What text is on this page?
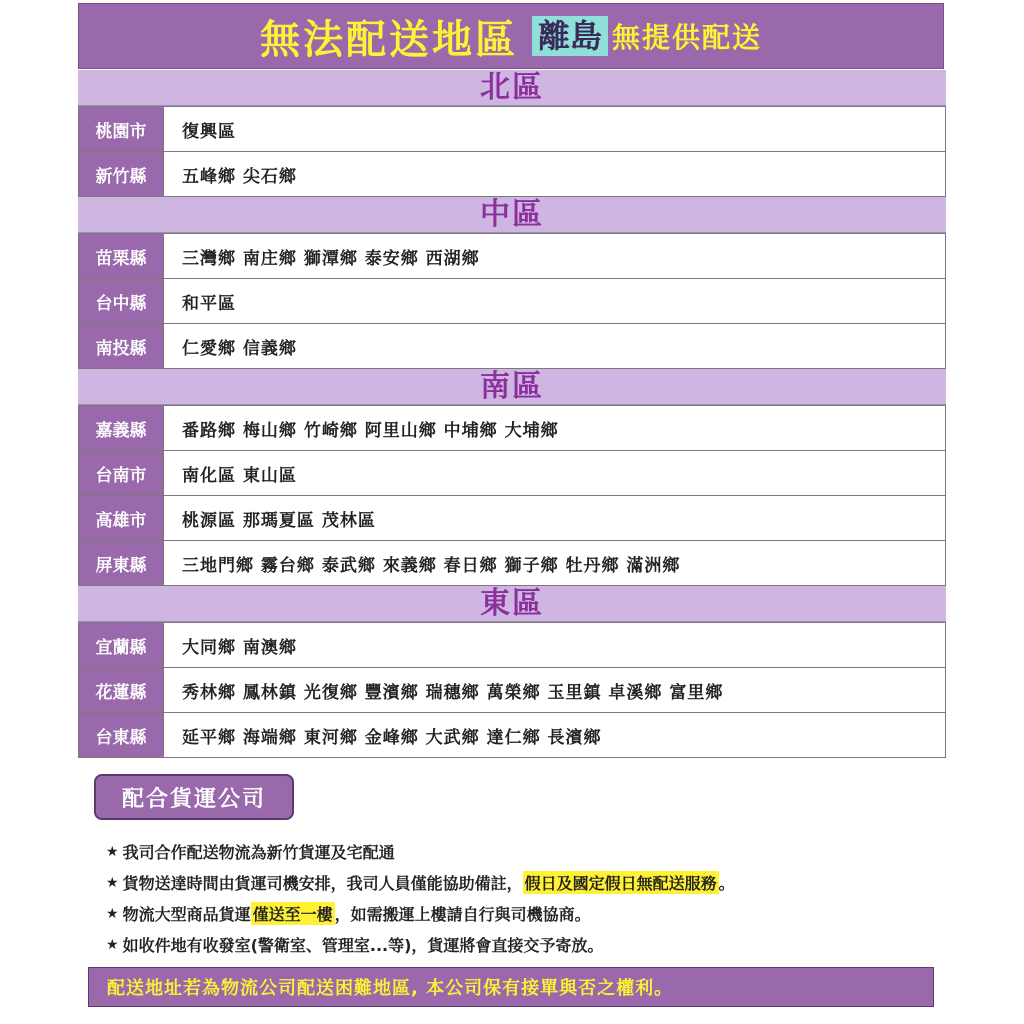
無法配送地區 離島 無提供配送
北區
桃園市	復興區
新竹縣	五峰鄉 尖石鄉
中區
苗栗縣	三灣鄉 南庄鄉 獅潭鄉 泰安鄉 西湖鄉
台中縣	和平區
南投縣	仁愛鄉 信義鄉
南區
嘉義縣	番路鄉 梅山鄉 竹崎鄉 阿里山鄉 中埔鄉 大埔鄉
台南市	南化區 東山區
高雄市	桃源區 那瑪夏區 茂林區
屏東縣	三地門鄉 霧台鄉 泰武鄉 來義鄉 春日鄉 獅子鄉 牡丹鄉 滿洲鄉
東區
宜蘭縣	大同鄉 南澳鄉
花蓮縣	秀林鄉 鳳林鎮 光復鄉 豐濱鄉 瑞穗鄉 萬榮鄉 玉里鎮 卓溪鄉 富里鄉
台東縣	延平鄉 海端鄉 東河鄉 金峰鄉 大武鄉 達仁鄉 長濱鄉
配合貨運公司
★ 我司合作配送物流為新竹貨運及宅配通
★ 貨物送達時間由貨運司機安排，我司人員僅能協助備註， 假日及國定假日無配送服務 。
★ 物流大型商品貨運 僅送至一樓 ，如需搬運上樓請自行與司機協商。
★ 如收件地有收發室(警衛室、管理室...等)，貨運將會直接交予寄放。
配送地址若為物流公司配送困難地區, 本公司保有接單與否之權利。
